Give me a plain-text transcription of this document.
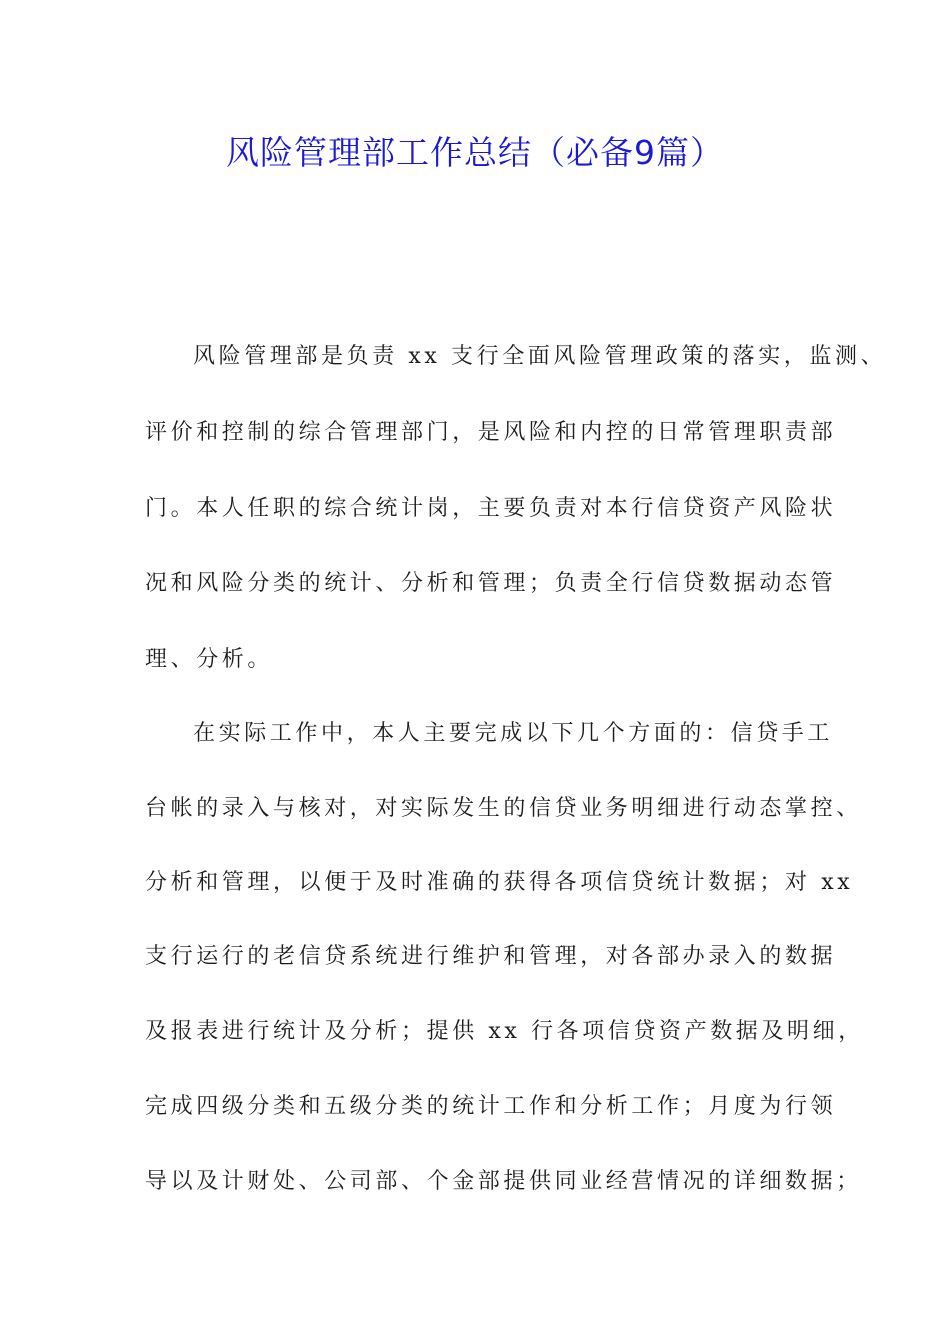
风险管理部工作总结（必备9篇）
风险管理部是负责 xx 支行全面风险管理政策的落实，监测、
评价和控制的综合管理部门，是风险和内控的日常管理职责部
门。本人任职的综合统计岗，主要负责对本行信贷资产风险状
况和风险分类的统计、分析和管理；负责全行信贷数据动态管
理、分析。
在实际工作中，本人主要完成以下几个方面的：信贷手工
台帐的录入与核对，对实际发生的信贷业务明细进行动态掌控、
分析和管理，以便于及时准确的获得各项信贷统计数据；对 xx
支行运行的老信贷系统进行维护和管理，对各部办录入的数据
及报表进行统计及分析；提供 xx 行各项信贷资产数据及明细，
完成四级分类和五级分类的统计工作和分析工作；月度为行领
导以及计财处、公司部、个金部提供同业经营情况的详细数据；
